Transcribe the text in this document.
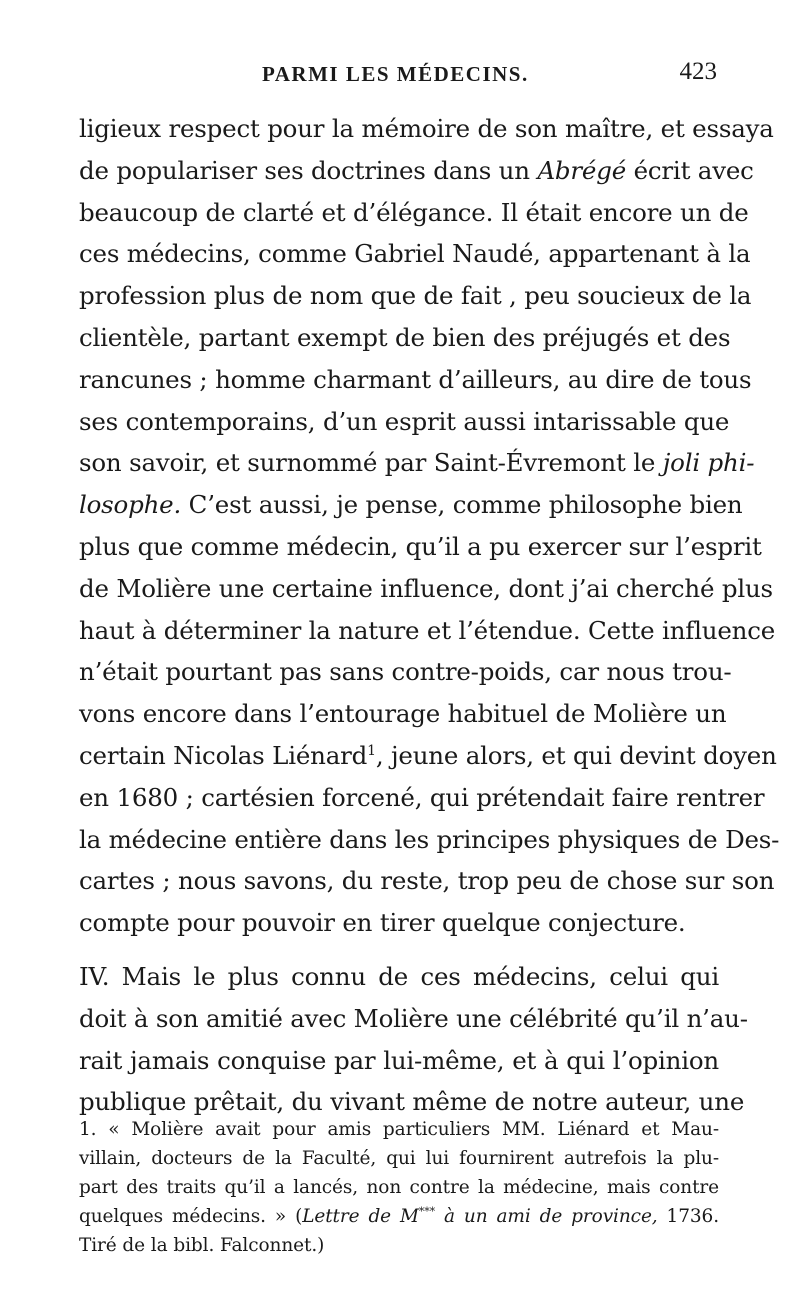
PARMI LES MÉDECINS.	423
ligieux respect pour la mémoire de son maître, et essaya
de populariser ses doctrines dans un Abrégé écrit avec
beaucoup de clarté et d’élégance. Il était encore un de
ces médecins, comme Gabriel Naudé, appartenant à la
profession plus de nom que de fait , peu soucieux de la
clientèle, partant exempt de bien des préjugés et des
rancunes ; homme charmant d’ailleurs, au dire de tous
ses contemporains, d’un esprit aussi intarissable que
son savoir, et surnommé par Saint-Évremont le joli phi-
losophe. C’est aussi, je pense, comme philosophe bien
plus que comme médecin, qu’il a pu exercer sur l’esprit
de Molière une certaine influence, dont j’ai cherché plus
haut à déterminer la nature et l’étendue. Cette influence
n’était pourtant pas sans contre-poids, car nous trou-
vons encore dans l’entourage habituel de Molière un
certain Nicolas Liénard$^1$, jeune alors, et qui devint doyen
en 1680 ; cartésien forcené, qui prétendait faire rentrer
la médecine entière dans les principes physiques de Des-
cartes ; nous savons, du reste, trop peu de chose sur son
compte pour pouvoir en tirer quelque conjecture.
IV. Mais le plus connu de ces médecins, celui qui
doit à son amitié avec Molière une célébrité qu’il n’au-
rait jamais conquise par lui-même, et à qui l’opinion
publique prêtait, du vivant même de notre auteur, une
1. « Molière avait pour amis particuliers MM. Liénard et Mau-
villain, docteurs de la Faculté, qui lui fournirent autrefois la plu-
part des traits qu’il a lancés, non contre la médecine, mais contre
quelques médecins. » (Lettre de M*** à un ami de province, 1736.
Tiré de la bibl. Falconnet.)
